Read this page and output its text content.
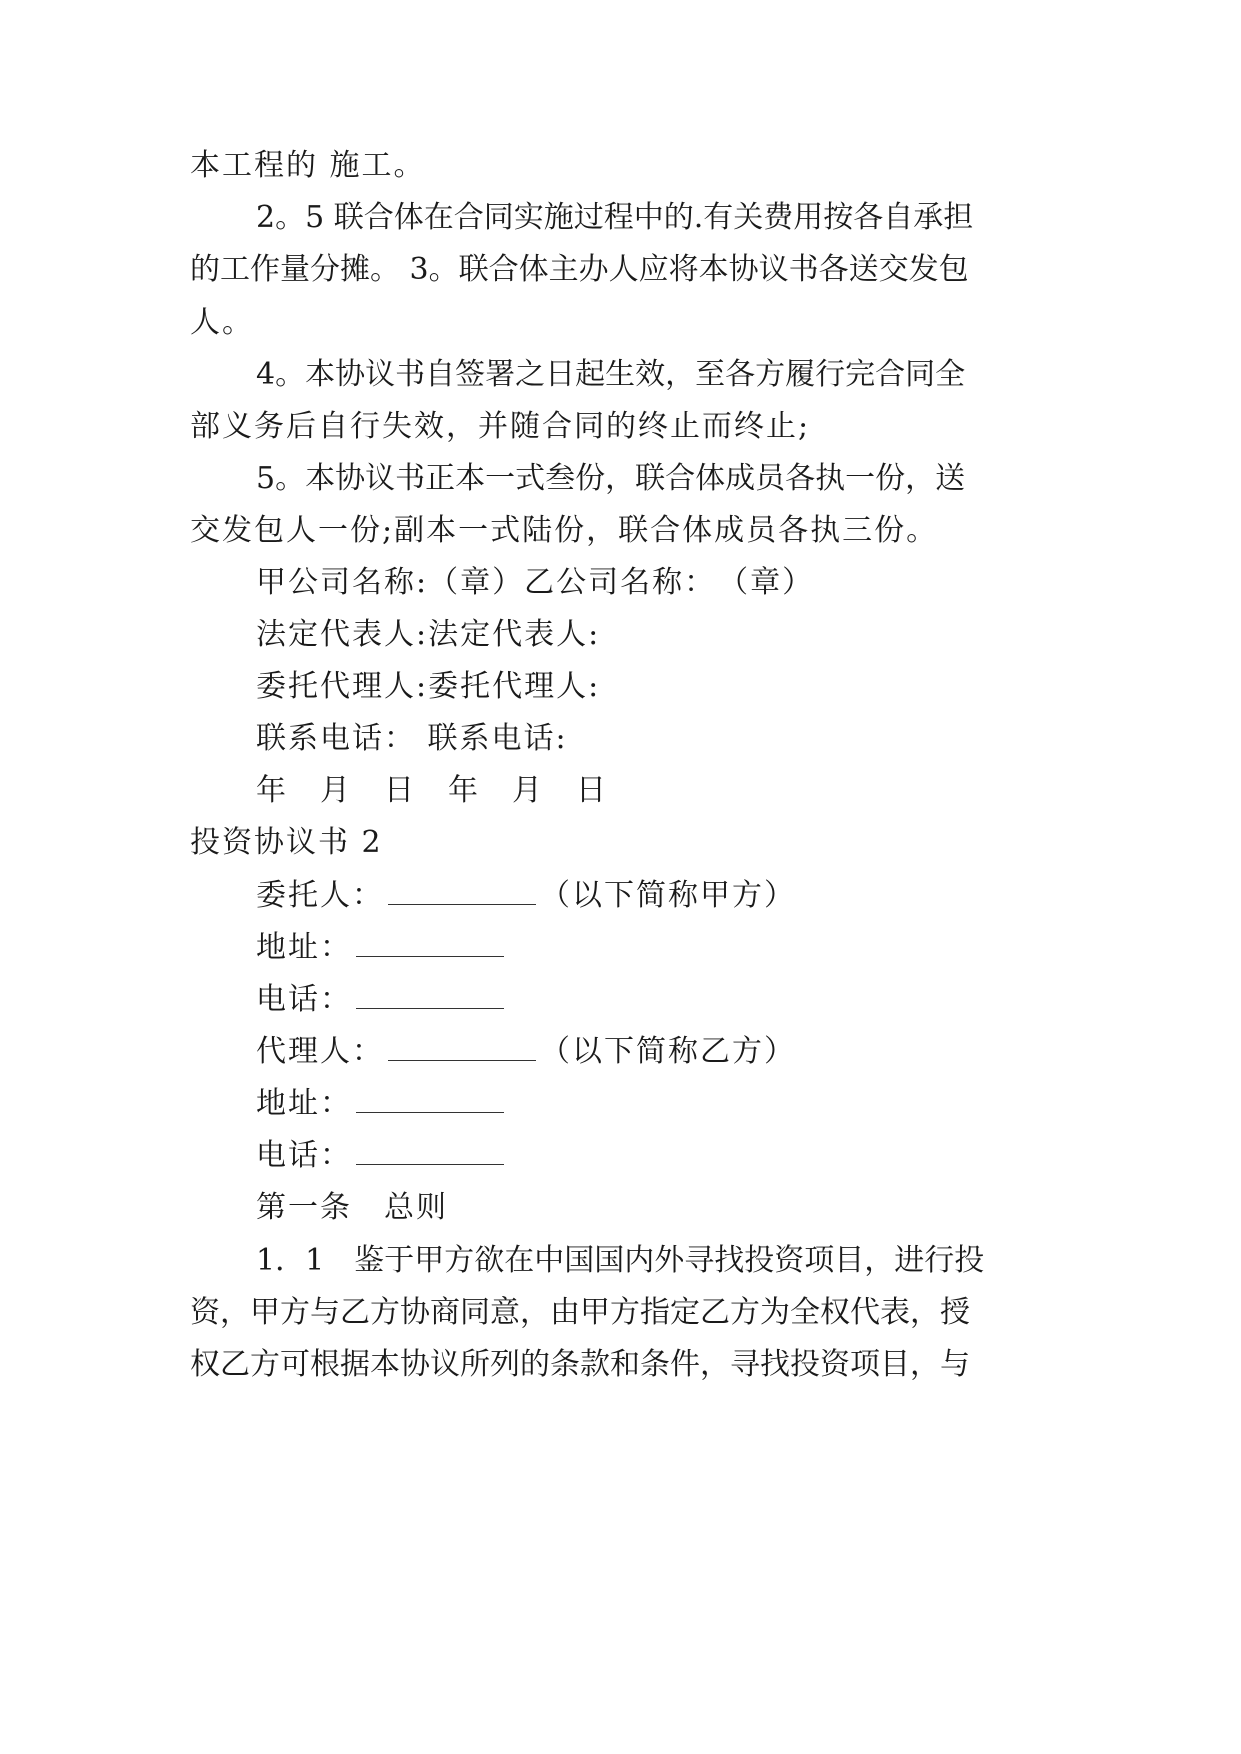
本工程的 施工。
2 。 5
联 合 体 在 合 同 实 施 过 程 中 的 . 有 关 费 用 按 各 自 承 担
的 工 作 量 分 摊 。
3 。 联 合 体 主 办 人 应 将 本 协 议 书 各 送 交 发 包
人。
4 。 本 协 议 书 自 签 署 之 日 起 生 效 ， 至 各 方 履 行 完 合 同 全
部义务后自行失效，并随合同的终止而终止;
5 。 本 协 议 书 正 本 一 式 叁 份 ， 联 合 体 成 员 各 执 一 份 ， 送
交发包人一份;副本一式陆份，联合体成员各执三份。
甲公司名称:（章）乙公司名称：　（章）
法定代表人:法定代表人:
委托代理人:委托代理人:
联系电话： 联系电话:
年　月　日　年　月　日
投资协议书 2
委托人：	（以下简称甲方）
地址：
电话：
代理人：	（以下简称乙方）
地址：
电话：
第一条　总则
1 ． 1
　 鉴 于 甲 方 欲 在 中 国 国 内 外 寻 找 投 资 项 目 ， 进 行 投
资 ， 甲 方 与 乙 方 协 商 同 意 ， 由 甲 方 指 定 乙 方 为 全 权 代 表 ， 授
权 乙 方 可 根 据 本 协 议 所 列 的 条 款 和 条 件 ， 寻 找 投 资 项 目 ， 与
